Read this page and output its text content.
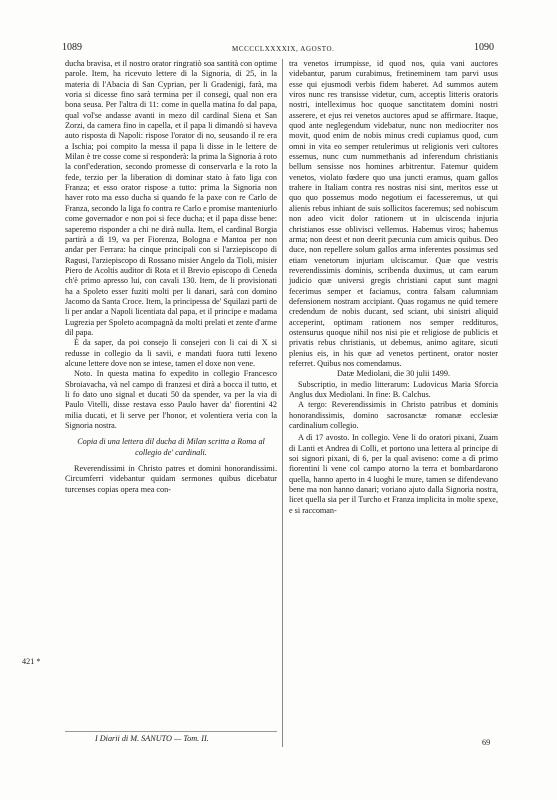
1089	MCCCCLXXXXIX, AGOSTO.	1090

ducha bravisa, et il nostro orator ringratiò soa santità con optime parole. Item, ha ricevuto lettere di la Signoria, di 25, in la materia di l'Abacia di San Cyprian, per li Gradenigi, farà, ma voria si dicesse fino sarà termina per il consegi, qual non era bona seusa. Per l'altra di 11: come in quella matina fo dal papa, qual vol'se andasse avanti in mezo dil cardinal Siena et San Zorzi, da camera fino in capella, et il papa li dimandò si haveva auto risposta di Napoli: rispose l'orator di no, seusando il re era a Ischia; poi compito la messa il papa li disse in le lettere de Milan è tre cosse come si responderà: la prima la Signoria à roto la conf'ederation, secondo promesse di conservarla e la roto la fede, terzio per la liberation di dominar stato à fato liga con Franza; et esso orator rispose a tutto: prima la Signoria non haver roto ma esso ducha si quando fe la paxe con re Carlo de Franza, secondo la liga fo contra re Carlo e promise manteniurlo come governador e non poi si fece ducha; et il papa disse bene: saperemo risponder a chi ne dirà nulla. Item, el cardinal Borgia partirà a dì 19, va per Fiorenza, Bologna e Mantoa per non andar per Ferrara: ha cinque principali con si l'arziepiscopo di Ragusi, l'arziepiscopo di Rossano misier Angelo da Tioli, misier Piero de Acoltis auditor di Rota et il Brevio episcopo di Ceneda ch'è primo apresso lui, con cavali 130. Item, de li provisionati ha a Spoleto esser fuziti molti per li danari, sarà con domino Jacomo da Santa Croce. Item, la principessa de' Squilazi parti de li per andar a Napoli licentiata dal papa, et il principe e madama Lugrezia per Spoleto acompagnà da molti prelati et zente d'arme dil papa.

È da saper, da poi consejo li consejeri con li cai di X si redusse in collegio da li savii, e mandati fuora tutti lexeno alcune lettere dove non se intese, tamen el doxe non vene.

Noto. In questa matina fo expedito in collegio Francesco Sbroiavacha, và nel campo di franzesi et dirà a bocca il tutto, et li fo dato uno signal et ducati 50 da spender, va per la via di Paulo Vitelli, disse restava esso Paulo haver da' fiorentini 42 milia ducati, et li serve per l'honor, et volentiera veria con la Signoria nostra.

Copia di una lettera dil ducha di Milan scritta a Roma al collegio de' cardinali.

Reverendissimi in Christo patres et domini honorandissimi. Circumferri videbantur quidam sermones quibus dicebatur turcenses copias opera mea con-

tra venetos irrumpisse, id quod nos, quia vani auctores videbantur, parum curabimus, fretineminem tam parvi usus esse qui ejusmodi verbis fidem haberet. Ad summos autem viros nunc res transisse videtur, cum, acceptis litteris oratoris nostri, intelleximus hoc quoque sanctitatem domini nostri asserere, et ejus rei venetos auctores apud se affirmare. Itaque, quod ante neglegendum videbatur, nunc non mediocriter nos movit, quod enim de nobis minus credi cupiamus quod, cum omni in vita eo semper retulerimus ut religionis veri cultores essemus, nunc cum nummethanis ad inferendum christianis bellum sensisse nos homines arbitrentur. Fatemur quidem venetos, violato fœdere quo una juncti eramus, quam gallos trahere in Italiam contra res nostras nisi sint, meritos esse ut quo quo possemus modo negotium ei facesseremus, ut qui alienis rebus inhiant de suis sollicitos faceremus; sed nobiscum non adeo vicit dolor rationem ut in ulciscenda injuria christianos esse oblivisci vellemus. Habemus viros; habemus arma; non deest et non deerit pæcunia cum amicis quibus. Deo duce, non repellere solum gallos arma inferentes possimus sed etiam venetorum injuriam ulciscamur. Quæ que vestris reverendissimis dominis, scribenda duximus, ut cam earum judicio quæ universi gregis christiani caput sunt magni fecerimus semper et faciamus, contra falsam calumniam defensionem nostram accipiant. Quas rogamus ne quid temere credendum de nobis ducant, sed sciant, ubi sinistri aliquid acceperint, optimam rationem nos semper reddituros, ostensurus quoque nihil nos nisi pie et religiose de publicis et privatis rebus christianis, ut debemus, animo agitare, sicuti plenius eis, in his quæ ad venetos pertinent, orator noster referret. Quibus nos comendamus.

Datæ Mediolani, die 30 julii 1499.

Subscriptio, in medio litterarum: Ludovicus Maria Sforcia Anglus dux Mediolani. In fine: B. Calchus.

A tergo: Reverendissimis in Christo patribus et dominis honorandissimis, domino sacrosanctæ romanæ ecclesiæ cardinalium collegio.

A dì 17 avosto. In collegio. Vene li do oratori pixani, Zuam di Lanti et Andrea di Colli, et portono una lettera al principe di soi signori pixani, di 6, per la qual aviseno: come a dì primo fiorentini li vene col campo atorno la terra et bombardarono quella, hanno aperto in 4 luoghi le mure, tamen se difendevano bene ma non hanno danari; voriano ajuto dalla Signoria nostra, licet quella sia per il Turcho et Franza implicita in molte spexe, e si raccoman-

421 *
I Diarii di M. SANUTO — Tom. II.	69
